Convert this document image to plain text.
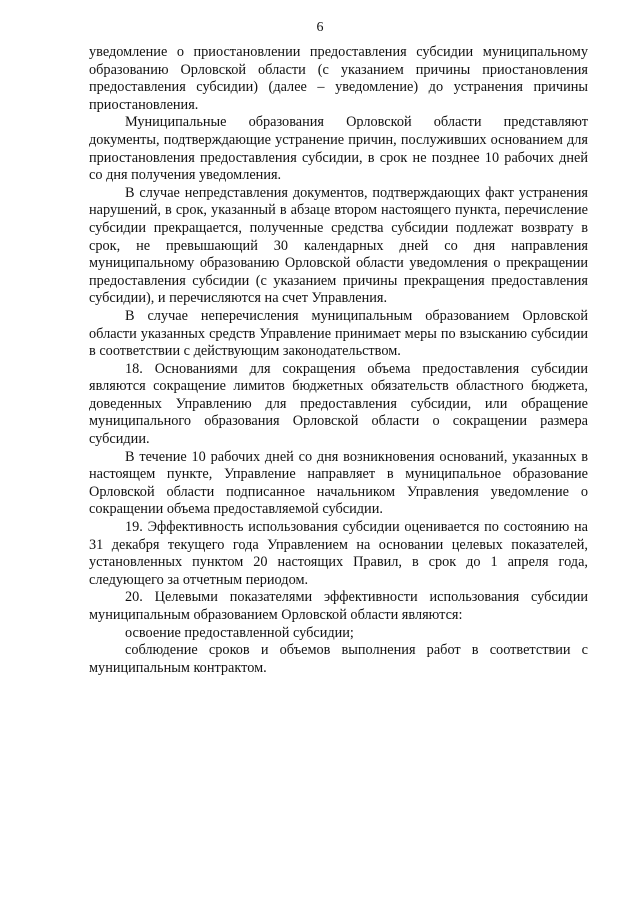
6

уведомление о приостановлении предоставления субсидии муниципальному образованию Орловской области (с указанием причины приостановления предоставления субсидии) (далее – уведомление) до устранения причины приостановления.

Муниципальные образования Орловской области представляют документы, подтверждающие устранение причин, послуживших основанием для приостановления предоставления субсидии, в срок не позднее 10 рабочих дней со дня получения уведомления.

В случае непредставления документов, подтверждающих факт устранения нарушений, в срок, указанный в абзаце втором настоящего пункта, перечисление субсидии прекращается, полученные средства субсидии подлежат возврату в срок, не превышающий 30 календарных дней со дня направления муниципальному образованию Орловской области уведомления о прекращении предоставления субсидии (с указанием причины прекращения предоставления субсидии), и перечисляются на счет Управления.

В случае неперечисления муниципальным образованием Орловской области указанных средств Управление принимает меры по взысканию субсидии в соответствии с действующим законодательством.

18. Основаниями для сокращения объема предоставления субсидии являются сокращение лимитов бюджетных обязательств областного бюджета, доведенных Управлению для предоставления субсидии, или обращение муниципального образования Орловской области о сокращении размера субсидии.

В течение 10 рабочих дней со дня возникновения оснований, указанных в настоящем пункте, Управление направляет в муниципальное образование Орловской области подписанное начальником Управления уведомление о сокращении объема предоставляемой субсидии.

19. Эффективность использования субсидии оценивается по состоянию на 31 декабря текущего года Управлением на основании целевых показателей, установленных пунктом 20 настоящих Правил, в срок до 1 апреля года, следующего за отчетным периодом.

20. Целевыми показателями эффективности использования субсидии муниципальным образованием Орловской области являются:

освоение предоставленной субсидии;

соблюдение сроков и объемов выполнения работ в соответствии с муниципальным контрактом.
